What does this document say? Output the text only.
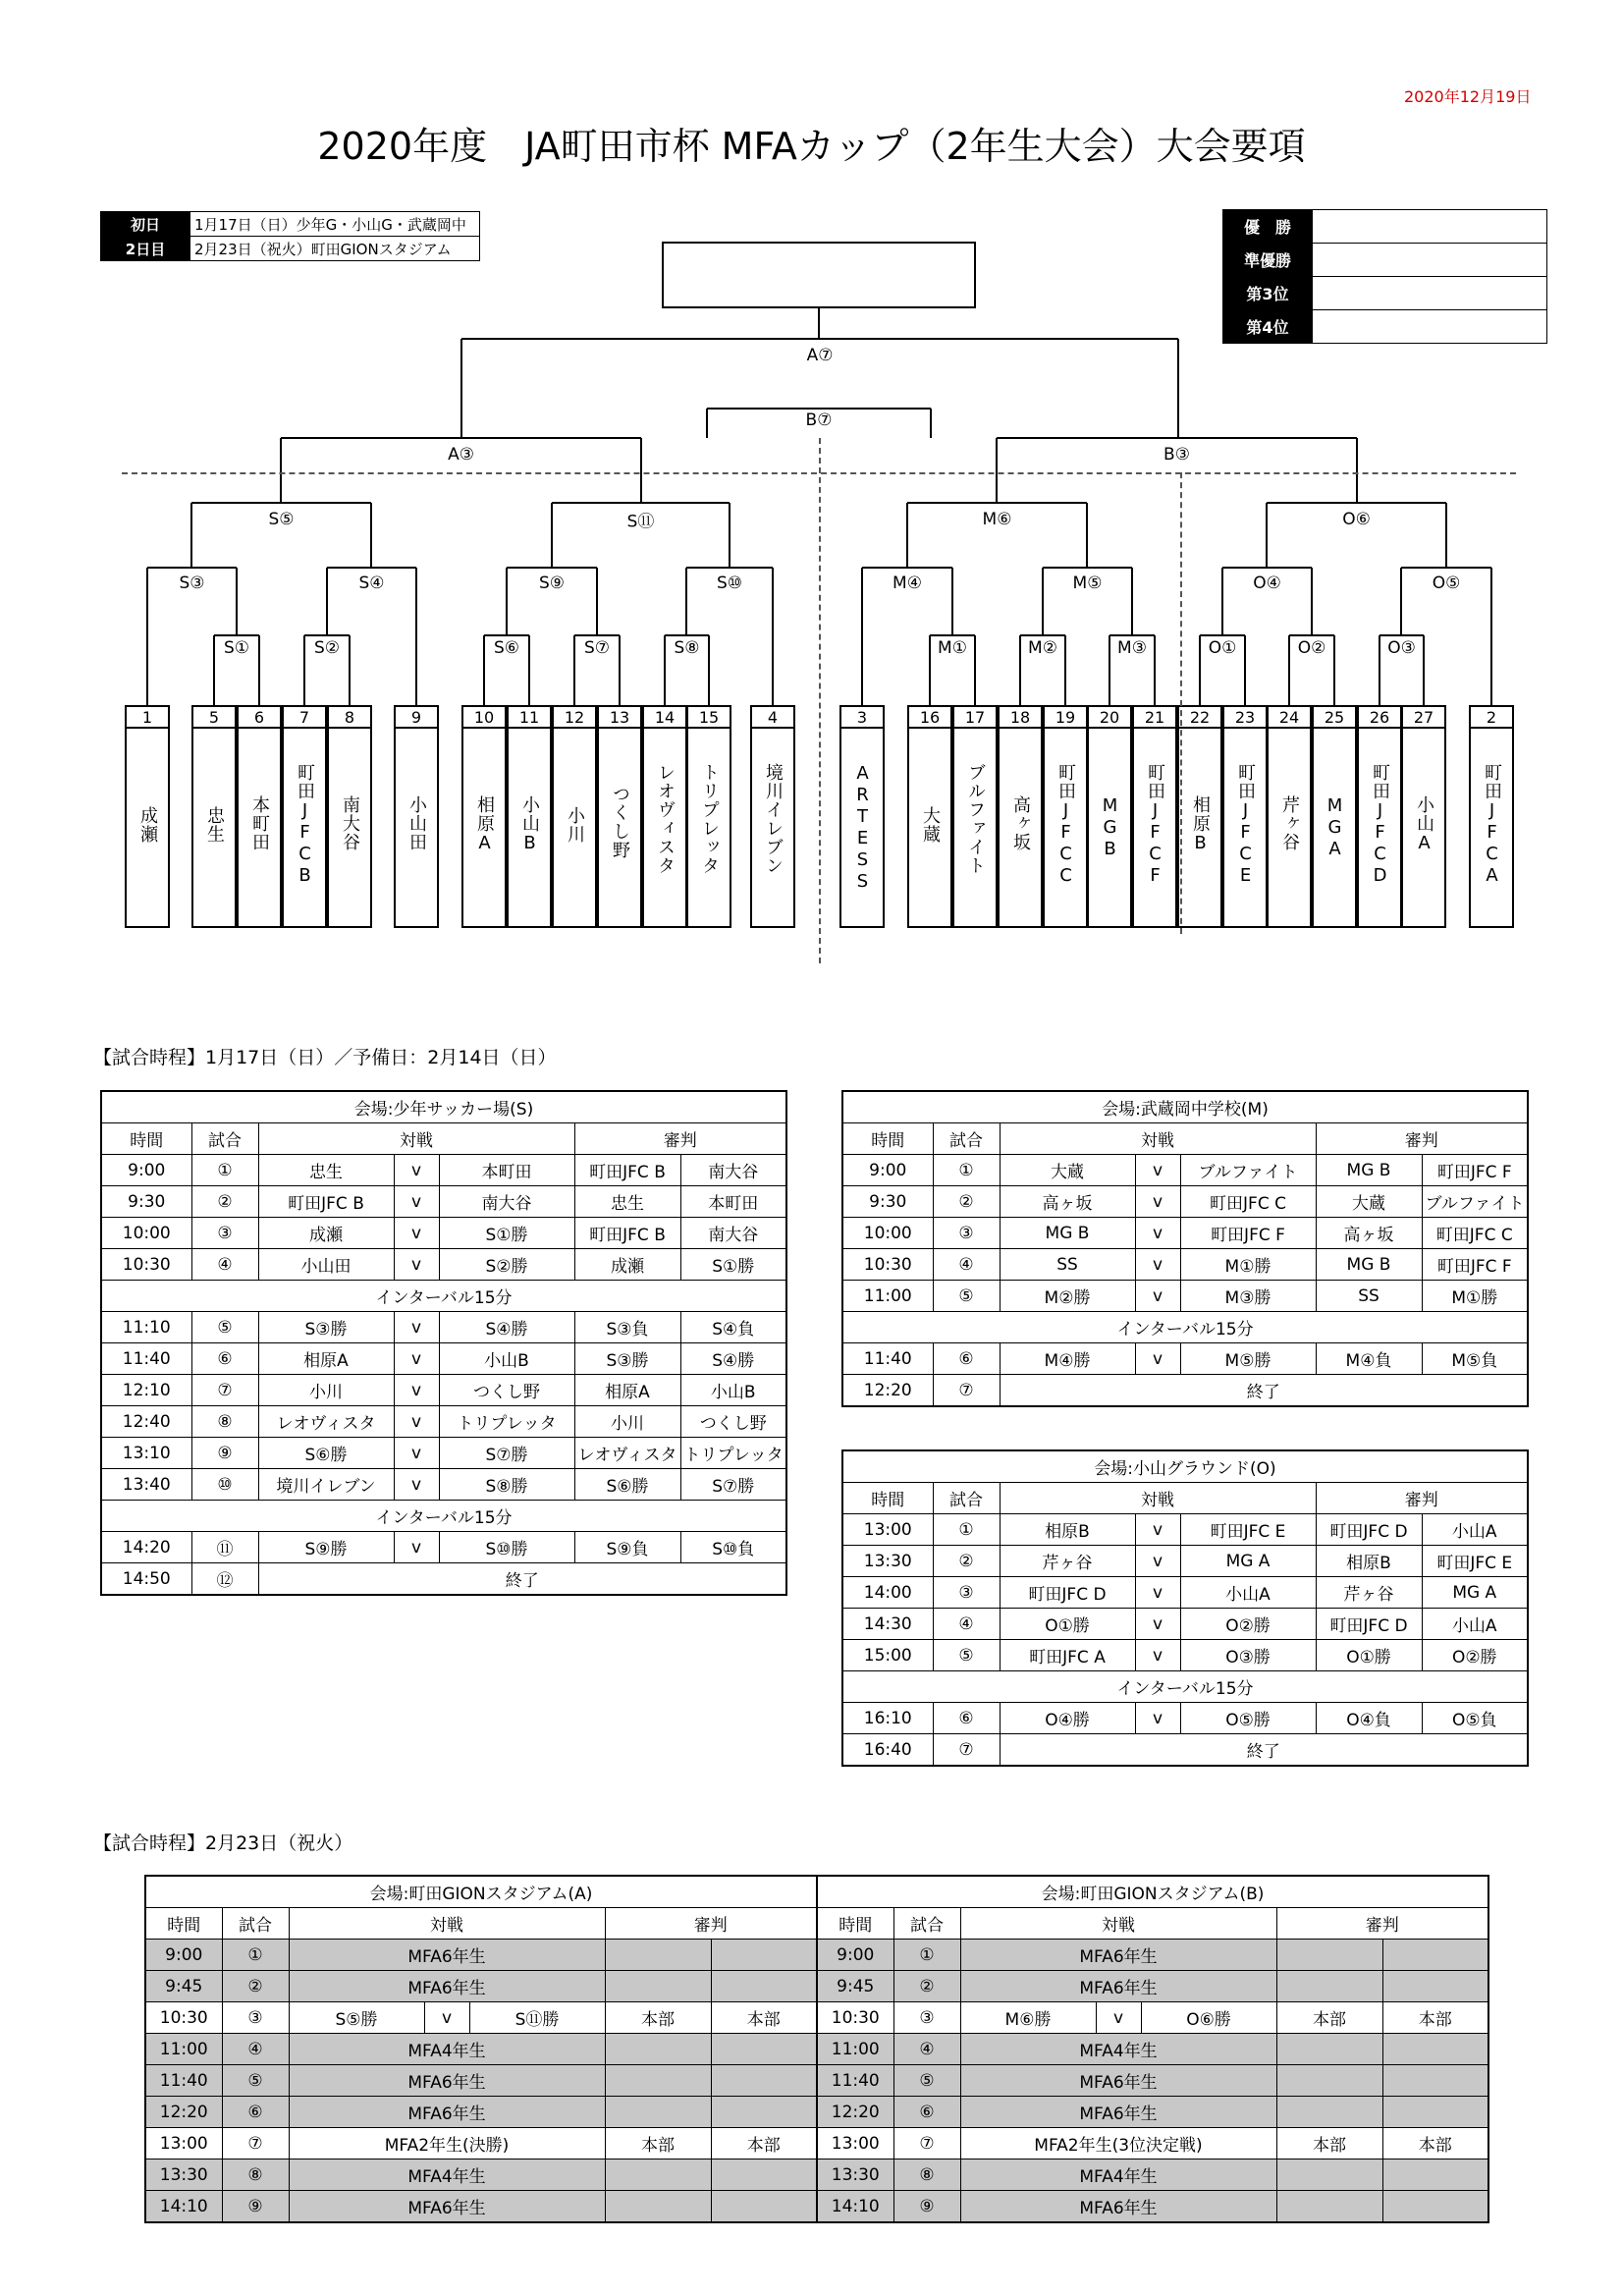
2020年12月19日
2020年度　JA町田市杯 MFAカップ（2年生大会）大会要項
初日	1月17日（日）少年G・小山G・武蔵岡中
2日目	2月23日（祝火）町田GIONスタジアム
優　勝	
準優勝	
第3位	
第4位	
1
成瀬
5
忠生
6
本町田
7
町田JFCB
8
南大谷
9
小山田
10
相原A
11
小山B
12
小川
13
つくし野
14
レオヴィスタ
15
トリプレッタ
4
境川イレブン
3
ARTESS
16
大蔵
17
ブルファイト
18
高ヶ坂
19
町田JFCC
20
MGB
21
町田JFCF
22
相原B
23
町田JFCE
24
芹ヶ谷
25
MGA
26
町田JFCD
27
小山A
2
町田JFCA
S①	S②	S⑥	S⑦	S⑧	M①	M②	M③	O①	O②	O③
S③	S④	S⑨	S⑩	M④	M⑤	O④	O⑤
S⑤	S⑪	M⑥	O⑥
A③	B③
A⑦
B⑦
【試合時程】1月17日（日）／予備日：2月14日（日）
会場:少年サッカー場(S)						
時間	試合	対戦			審判	
9:00	①	忠生	v	本町田	町田JFC B	南大谷
9:30	②	町田JFC B	v	南大谷	忠生	本町田
10:00	③	成瀬	v	S①勝	町田JFC B	南大谷
10:30	④	小山田	v	S②勝	成瀬	S①勝
インターバル15分						
11:10	⑤	S③勝	v	S④勝	S③負	S④負
11:40	⑥	相原A	v	小山B	S③勝	S④勝
12:10	⑦	小川	v	つくし野	相原A	小山B
12:40	⑧	レオヴィスタ	v	トリプレッタ	小川	つくし野
13:10	⑨	S⑥勝	v	S⑦勝	レオヴィスタ	トリプレッタ
13:40	⑩	境川イレブン	v	S⑧勝	S⑥勝	S⑦勝
インターバル15分						
14:20	⑪	S⑨勝	v	S⑩勝	S⑨負	S⑩負
14:50	⑫	終了				
会場:武蔵岡中学校(M)						
時間	試合	対戦			審判	
9:00	①	大蔵	v	ブルファイト	MG B	町田JFC F
9:30	②	高ヶ坂	v	町田JFC C	大蔵	ブルファイト
10:00	③	MG B	v	町田JFC F	高ヶ坂	町田JFC C
10:30	④	SS	v	M①勝	MG B	町田JFC F
11:00	⑤	M②勝	v	M③勝	SS	M①勝
インターバル15分						
11:40	⑥	M④勝	v	M⑤勝	M④負	M⑤負
12:20	⑦	終了				
会場:小山グラウンド(O)						
時間	試合	対戦			審判	
13:00	①	相原B	v	町田JFC E	町田JFC D	小山A
13:30	②	芹ヶ谷	v	MG A	相原B	町田JFC E
14:00	③	町田JFC D	v	小山A	芹ヶ谷	MG A
14:30	④	O①勝	v	O②勝	町田JFC D	小山A
15:00	⑤	町田JFC A	v	O③勝	O①勝	O②勝
インターバル15分						
16:10	⑥	O④勝	v	O⑤勝	O④負	O⑤負
16:40	⑦	終了				
【試合時程】2月23日（祝火）
会場:町田GIONスタジアム(A)							会場:町田GIONスタジアム(B)						
時間	試合	対戦			審判		時間	試合	対戦			審判	
9:00	①	MFA6年生					9:00	①	MFA6年生				
9:45	②	MFA6年生					9:45	②	MFA6年生				
10:30	③	S⑤勝	v	S⑪勝	本部	本部	10:30	③	M⑥勝	v	O⑥勝	本部	本部
11:00	④	MFA4年生					11:00	④	MFA4年生				
11:40	⑤	MFA6年生					11:40	⑤	MFA6年生				
12:20	⑥	MFA6年生					12:20	⑥	MFA6年生				
13:00	⑦	MFA2年生(決勝)			本部	本部	13:00	⑦	MFA2年生(3位決定戦)			本部	本部
13:30	⑧	MFA4年生					13:30	⑧	MFA4年生				
14:10	⑨	MFA6年生					14:10	⑨	MFA6年生				
